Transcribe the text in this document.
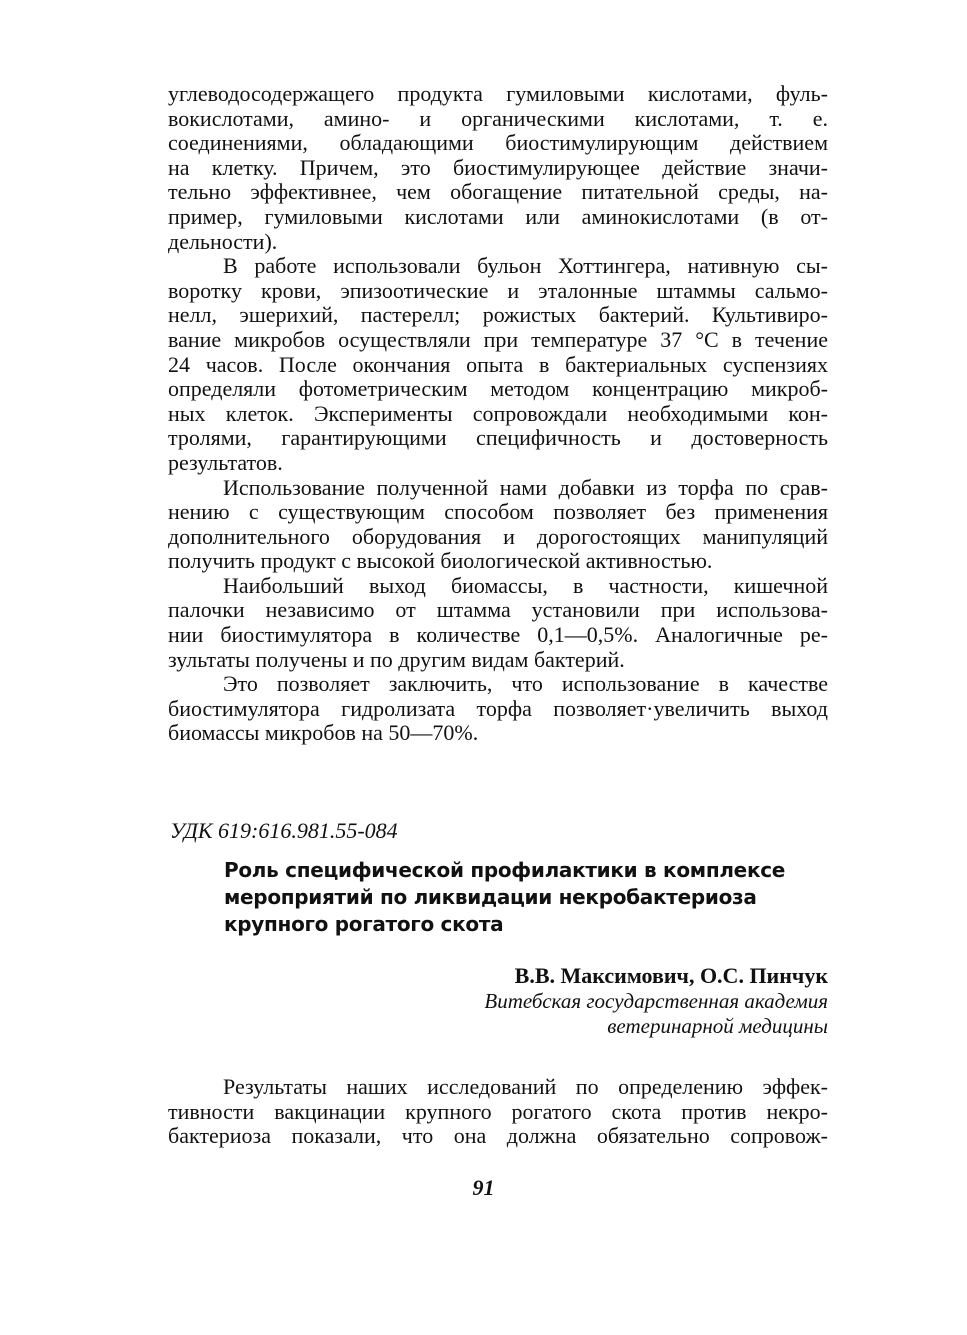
углеводосодержащего продукта гумиловыми кислотами, фуль-
вокислотами, амино- и органическими кислотами, т. е.
соединениями, обладающими биостимулирующим действием
на клетку. Причем, это биостимулирующее действие значи-
тельно эффективнее, чем обогащение питательной среды, на-
пример, гумиловыми кислотами или аминокислотами (в от-
дельности).

В работе использовали бульон Хоттингера, нативную сы-
воротку крови, эпизоотические и эталонные штаммы сальмо-
нелл, эшерихий, пастерелл; рожистых бактерий. Культивиро-
вание микробов осуществляли при температуре 37 °С в течение
24 часов. После окончания опыта в бактериальных суспензиях
определяли фотометрическим методом концентрацию микроб-
ных клеток. Эксперименты сопровождали необходимыми кон-
тролями, гарантирующими специфичность и достоверность
результатов.

Использование полученной нами добавки из торфа по срав-
нению с существующим способом позволяет без применения
дополнительного оборудования и дорогостоящих манипуляций
получить продукт с высокой биологической активностью.

Наибольший выход биомассы, в частности, кишечной
палочки независимо от штамма установили при использова-
нии биостимулятора в количестве 0,1—0,5%. Аналогичные ре-
зультаты получены и по другим видам бактерий.

Это позволяет заключить, что использование в качестве
биостимулятора гидролизата торфа позволяет·увеличить выход
биомассы микробов на 50—70%.

УДК 619:616.981.55-084
Роль специфической профилактики в комплексе
мероприятий по ликвидации некробактериоза
крупного рогатого скота
В.В. Максимович, О.С. Пинчук
Витебская государственная академия
ветеринарной медицины

Результаты наших исследований по определению эффек-
тивности вакцинации крупного рогатого скота против некро-
бактериоза показали, что она должна обязательно сопровож-

91
